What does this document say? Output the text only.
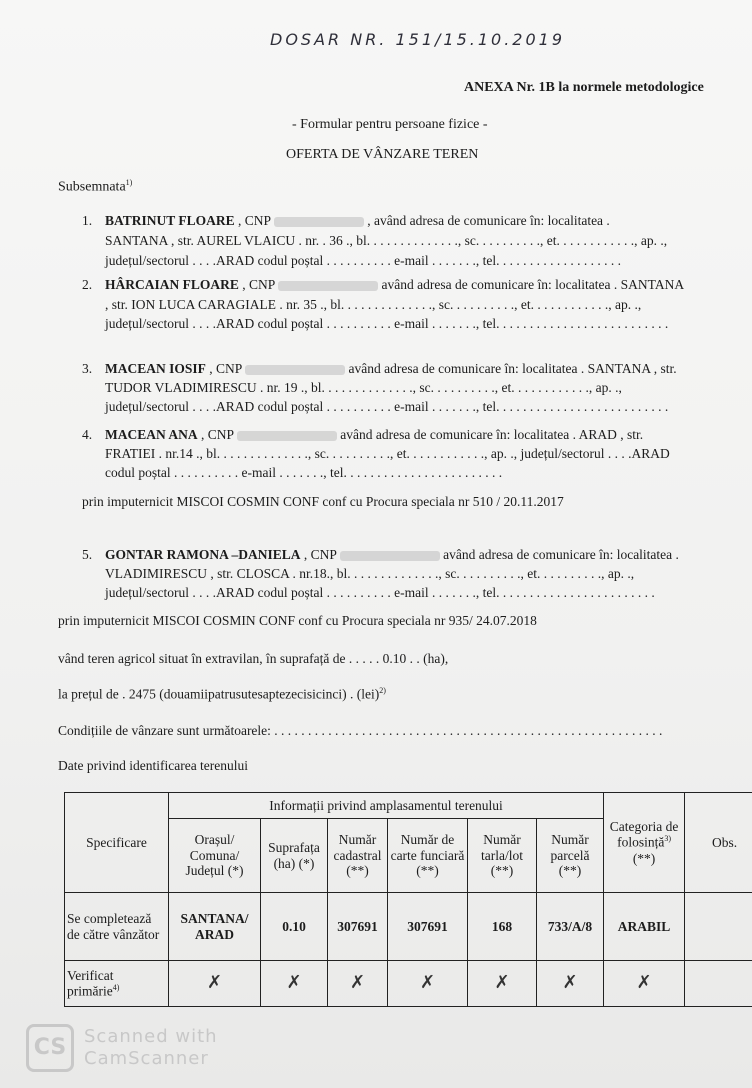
DOSAR NR. 151/15.10.2019
ANEXA Nr. 1B la normele metodologice
- Formular pentru persoane fizice -
OFERTA DE VÂNZARE TEREN
Subsemnata$^{1)}$
1. BATRINUT FLOARE , CNP	, având adresa de comunicare în: localitatea .
SANTANA , str. AUREL VLAICU . nr. . 36 ., bl. . . . . . . . . . . . . ., sc. . . . . . . . . ., et. . . . . . . . . . . ., ap. .,
județul/sectorul . . . .ARAD codul poștal . . . . . . . . . . e-mail . . . . . . ., tel. . . . . . . . . . . . . . . . . . .
2. HÂRCAIAN FLOARE , CNP	având adresa de comunicare în: localitatea . SANTANA
, str. ION LUCA CARAGIALE . nr. 35 ., bl. . . . . . . . . . . . . ., sc. . . . . . . . . ., et. . . . . . . . . . . ., ap. .,
județul/sectorul . . . .ARAD codul poștal . . . . . . . . . . e-mail . . . . . . ., tel. . . . . . . . . . . . . . . . . . . . . . . . . .
3. MACEAN IOSIF , CNP	având adresa de comunicare în: localitatea . SANTANA , str.
TUDOR VLADIMIRESCU . nr. 19 ., bl. . . . . . . . . . . . . ., sc. . . . . . . . . ., et. . . . . . . . . . . ., ap. .,
județul/sectorul . . . .ARAD codul poștal . . . . . . . . . . e-mail . . . . . . ., tel. . . . . . . . . . . . . . . . . . . . . . . . . .
4. MACEAN ANA , CNP	având adresa de comunicare în: localitatea . ARAD , str.
FRATIEI . nr.14 ., bl. . . . . . . . . . . . . ., sc. . . . . . . . . ., et. . . . . . . . . . . ., ap. ., județul/sectorul . . . .ARAD
codul poștal . . . . . . . . . . e-mail . . . . . . ., tel. . . . . . . . . . . . . . . . . . . . . . . .
prin imputernicit MISCOI COSMIN CONF conf cu Procura speciala nr 510 / 20.11.2017
5. GONTAR RAMONA –DANIELA , CNP	având adresa de comunicare în: localitatea .
VLADIMIRESCU , str. CLOSCA . nr.18., bl. . . . . . . . . . . . . ., sc. . . . . . . . . ., et. . . . . . . . . ., ap. .,
județul/sectorul . . . .ARAD codul poștal . . . . . . . . . . e-mail . . . . . . ., tel. . . . . . . . . . . . . . . . . . . . . . . .
prin imputernicit MISCOI COSMIN CONF conf cu Procura speciala nr 935/ 24.07.2018
vând teren agricol situat în extravilan, în suprafață de . . . . . 0.10 . . (ha),
la prețul de . 2475 (douamiipatrusutesaptezecisicinci) . (lei)$^{2)}$
Condițiile de vânzare sunt următoarele: . . . . . . . . . . . . . . . . . . . . . . . . . . . . . . . . . . . . . . . . . . . . . . . . . . . . . . . . . .
Date privind identificarea terenului
Specificare	Informații privind amplasamentul terenului						Categoria de folosință$^{3)}$ (**)	Obs.
	Orașul/ Comuna/ Județul (*)	Suprafața (ha) (*)	Număr cadastral (**)	Număr de carte funciară (**)	Număr tarla/lot (**)	Număr parcelă (**)		
Se completează de către vânzător	SANTANA/ ARAD	0.10	307691	307691	168	733/A/8	ARABIL	
Verificat primărie$^{4)}$	✗	✗	✗	✗	✗	✗	✗	
CS Scanned with
CamScanner
